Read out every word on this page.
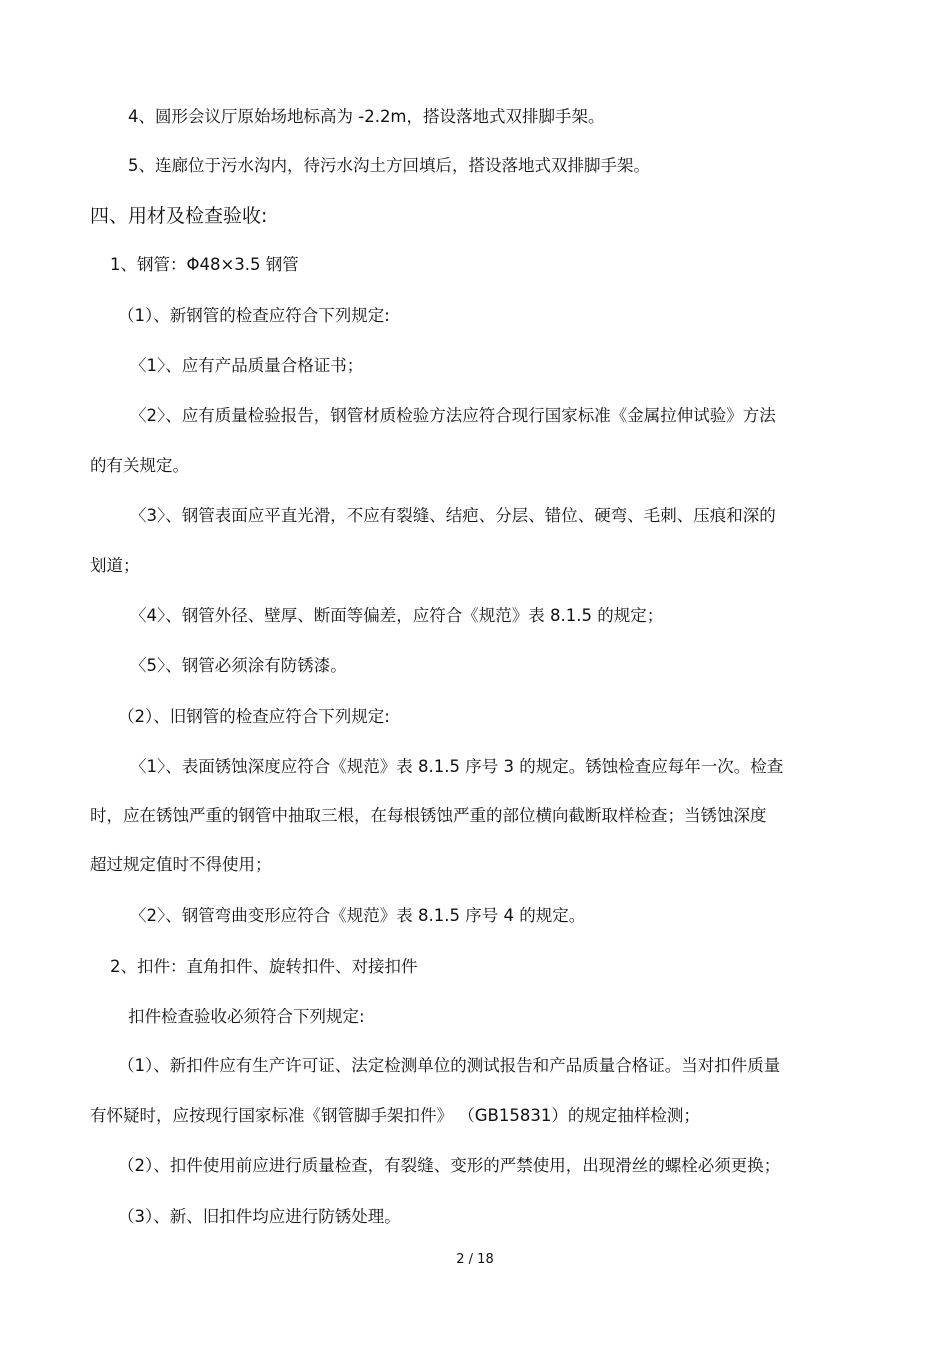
4、圆形会议厅原始场地标高为 -2.2m，搭设落地式双排脚手架。
5、连廊位于污水沟内，待污水沟土方回填后，搭设落地式双排脚手架。
四、用材及检查验收:
1、钢管：Φ48×3.5 钢管
（1）、新钢管的检查应符合下列规定:
〈1〉、应有产品质量合格证书；
〈2〉、应有质量检验报告，钢管材质检验方法应符合现行国家标准《金属拉伸试验》方法
的有关规定。
〈3〉、钢管表面应平直光滑，不应有裂缝、结疤、分层、错位、硬弯、毛刺、压痕和深的
划道；
〈4〉、钢管外径、壁厚、断面等偏差，应符合《规范》表 8.1.5 的规定；
〈5〉、钢管必须涂有防锈漆。
（2）、旧钢管的检查应符合下列规定:
〈1〉、表面锈蚀深度应符合《规范》表 8.1.5 序号 3 的规定。锈蚀检查应每年一次。检查
时，应在锈蚀严重的钢管中抽取三根，在每根锈蚀严重的部位横向截断取样检查；当锈蚀深度
超过规定值时不得使用；
〈2〉、钢管弯曲变形应符合《规范》表 8.1.5 序号 4 的规定。
2、扣件：直角扣件、旋转扣件、对接扣件
扣件检查验收必须符合下列规定:
（1）、新扣件应有生产许可证、法定检测单位的测试报告和产品质量合格证。当对扣件质量
有怀疑时，应按现行国家标准《钢管脚手架扣件》 （GB15831）的规定抽样检测；
（2）、扣件使用前应进行质量检查，有裂缝、变形的严禁使用，出现滑丝的螺栓必须更换；
（3）、新、旧扣件均应进行防锈处理。
2 / 18
